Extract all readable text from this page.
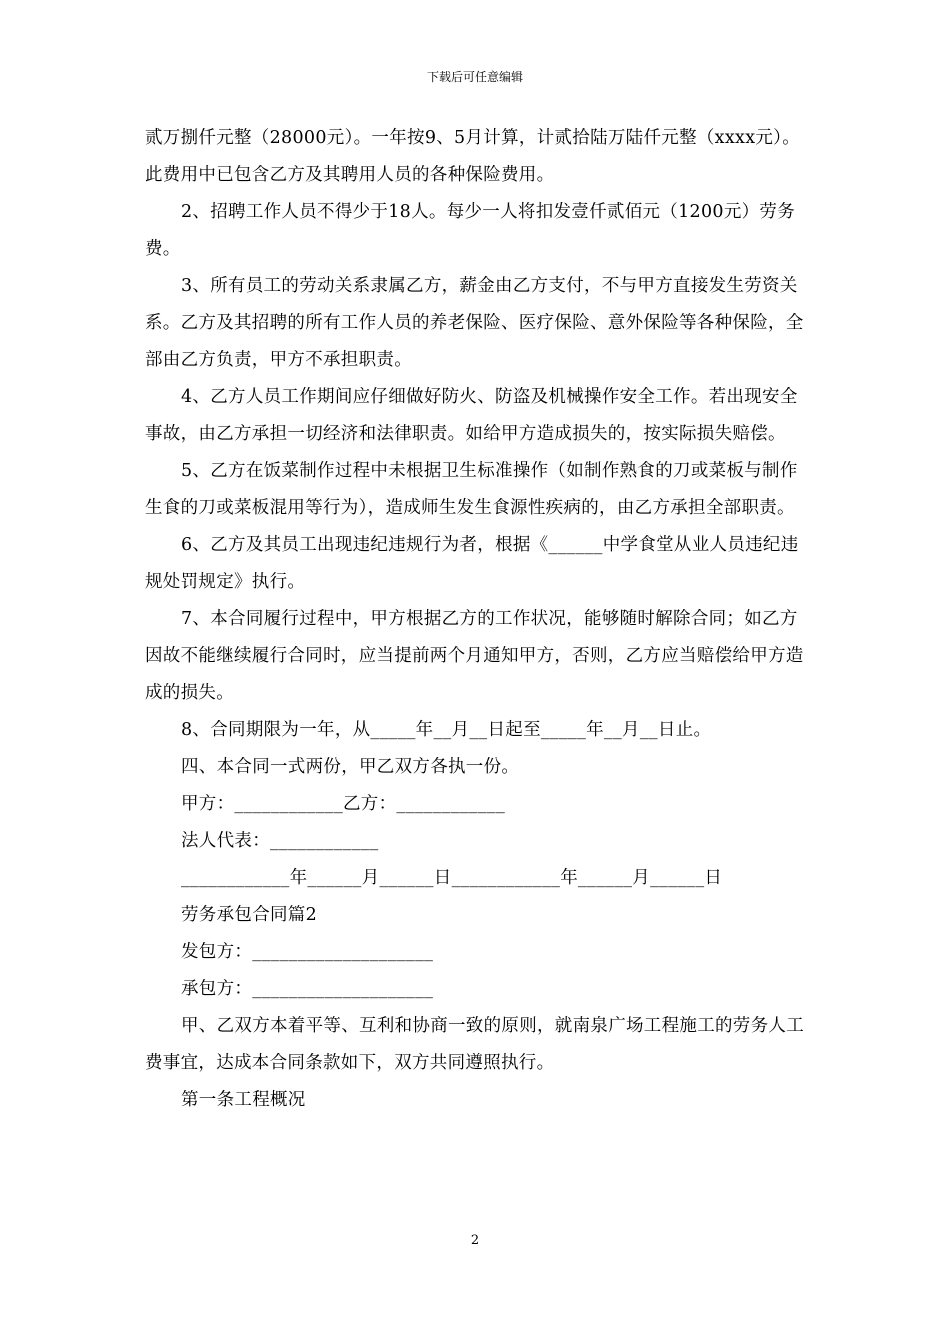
下载后可任意编辑

贰万捌仟元整（28000元）。一年按9、5月计算，计贰拾陆万陆仟元整（xxxx元）。此费用中已包含乙方及其聘用人员的各种保险费用。

2、招聘工作人员不得少于18人。每少一人将扣发壹仟贰佰元（1200元）劳务费。

3、所有员工的劳动关系隶属乙方，薪金由乙方支付，不与甲方直接发生劳资关系。乙方及其招聘的所有工作人员的养老保险、医疗保险、意外保险等各种保险，全部由乙方负责，甲方不承担职责。

4、乙方人员工作期间应仔细做好防火、防盗及机械操作安全工作。若出现安全事故，由乙方承担一切经济和法律职责。如给甲方造成损失的，按实际损失赔偿。

5、乙方在饭菜制作过程中未根据卫生标准操作（如制作熟食的刀或菜板与制作生食的刀或菜板混用等行为），造成师生发生食源性疾病的，由乙方承担全部职责。

6、乙方及其员工出现违纪违规行为者，根据《______中学食堂从业人员违纪违规处罚规定》执行。

7、本合同履行过程中，甲方根据乙方的工作状况，能够随时解除合同；如乙方因故不能继续履行合同时，应当提前两个月通知甲方，否则，乙方应当赔偿给甲方造成的损失。

8、合同期限为一年，从_____年__月__日起至_____年__月__日止。

四、本合同一式两份，甲乙双方各执一份。

甲方：____________乙方：____________

法人代表：____________

____________年______月______日____________年______月______日

劳务承包合同篇2

发包方：____________________

承包方：____________________

甲、乙双方本着平等、互利和协商一致的原则，就南泉广场工程施工的劳务人工费事宜，达成本合同条款如下，双方共同遵照执行。

第一条工程概况

2
